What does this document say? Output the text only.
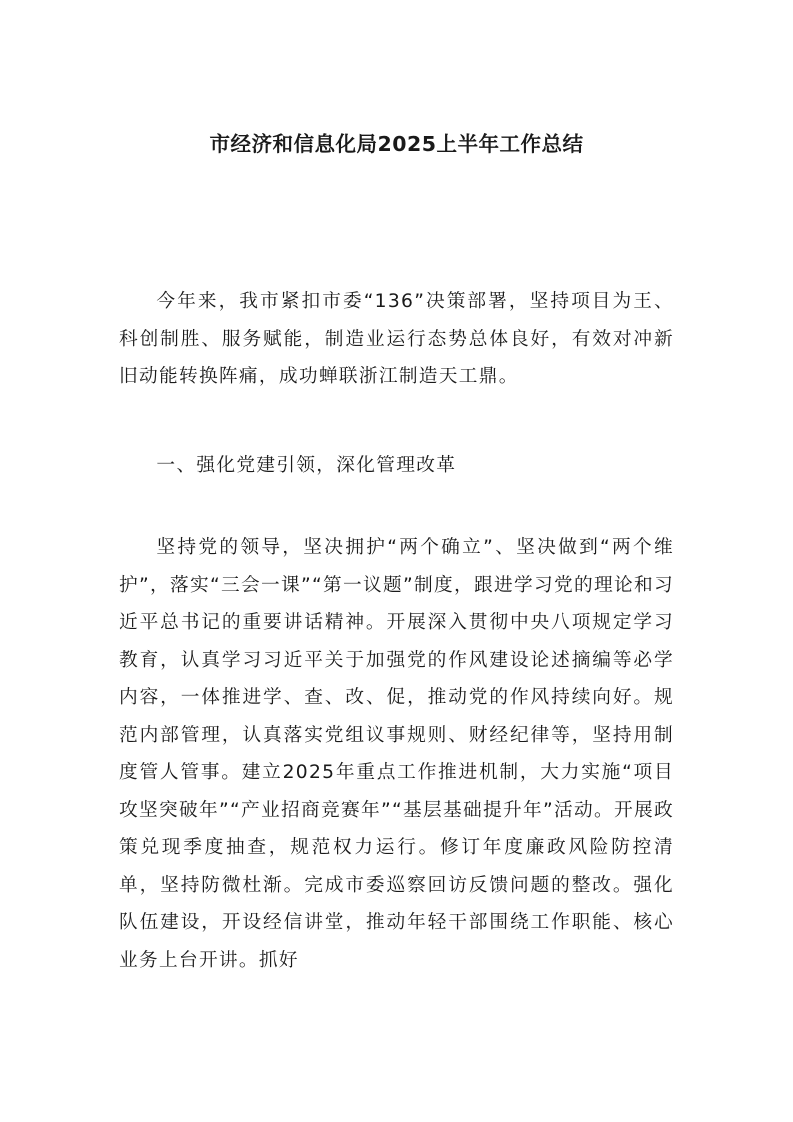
市经济和信息化局2025上半年工作总结

今年来，我市紧扣市委“136”决策部署，坚持项目为王、科创制胜、服务赋能，制造业运行态势总体良好，有效对冲新旧动能转换阵痛，成功蝉联浙江制造天工鼎。

一、强化党建引领，深化管理改革

坚持党的领导，坚决拥护“两个确立”、坚决做到“两个维护”，落实“三会一课”“第一议题”制度，跟进学习党的理论和习近平总书记的重要讲话精神。开展深入贯彻中央八项规定学习教育，认真学习习近平关于加强党的作风建设论述摘编等必学内容，一体推进学、查、改、促，推动党的作风持续向好。规范内部管理，认真落实党组议事规则、财经纪律等，坚持用制度管人管事。建立2025年重点工作推进机制，大力实施“项目攻坚突破年”“产业招商竞赛年”“基层基础提升年”活动。开展政策兑现季度抽查，规范权力运行。修订年度廉政风险防控清单，坚持防微杜渐。完成市委巡察回访反馈问题的整改。强化队伍建设，开设经信讲堂，推动年轻干部围绕工作职能、核心业务上台开讲。抓好
